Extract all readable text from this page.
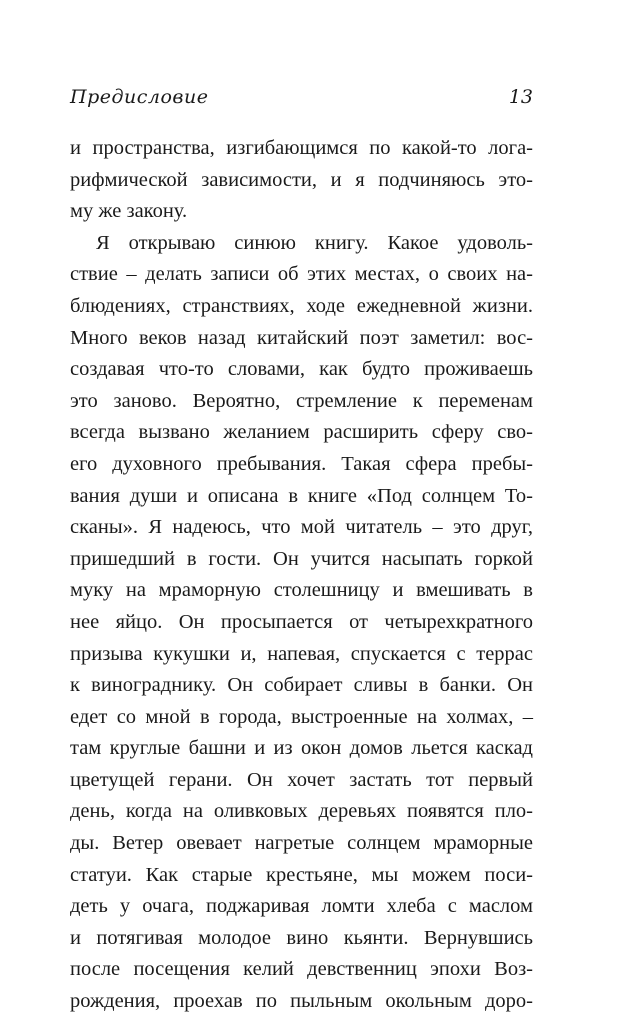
Предисловие	13
и пространства, изгибающимся по какой-то лога-
рифмической зависимости, и я подчиняюсь это-
му же закону.
Я открываю синюю книгу. Какое удоволь-
ствие – делать записи об этих местах, о своих на-
блюдениях, странствиях, ходе ежедневной жизни.
Много веков назад китайский поэт заметил: вос-
создавая что-то словами, как будто проживаешь
это заново. Вероятно, стремление к переменам
всегда вызвано желанием расширить сферу сво-
его духовного пребывания. Такая сфера пребы-
вания души и описана в книге «Под солнцем То-
сканы». Я надеюсь, что мой читатель – это друг,
пришедший в гости. Он учится насыпать горкой
муку на мраморную столешницу и вмешивать в
нее яйцо. Он просыпается от четырехкратного
призыва кукушки и, напевая, спускается с террас
к винограднику. Он собирает сливы в банки. Он
едет со мной в города, выстроенные на холмах, –
там круглые башни и из окон домов льется каскад
цветущей герани. Он хочет застать тот первый
день, когда на оливковых деревьях появятся пло-
ды. Ветер овевает нагретые солнцем мраморные
статуи. Как старые крестьяне, мы можем поси-
деть у очага, поджаривая ломти хлеба с маслом
и потягивая молодое вино кьянти. Вернувшись
после посещения келий девственниц эпохи Воз-
рождения, проехав по пыльным окольным доро-
